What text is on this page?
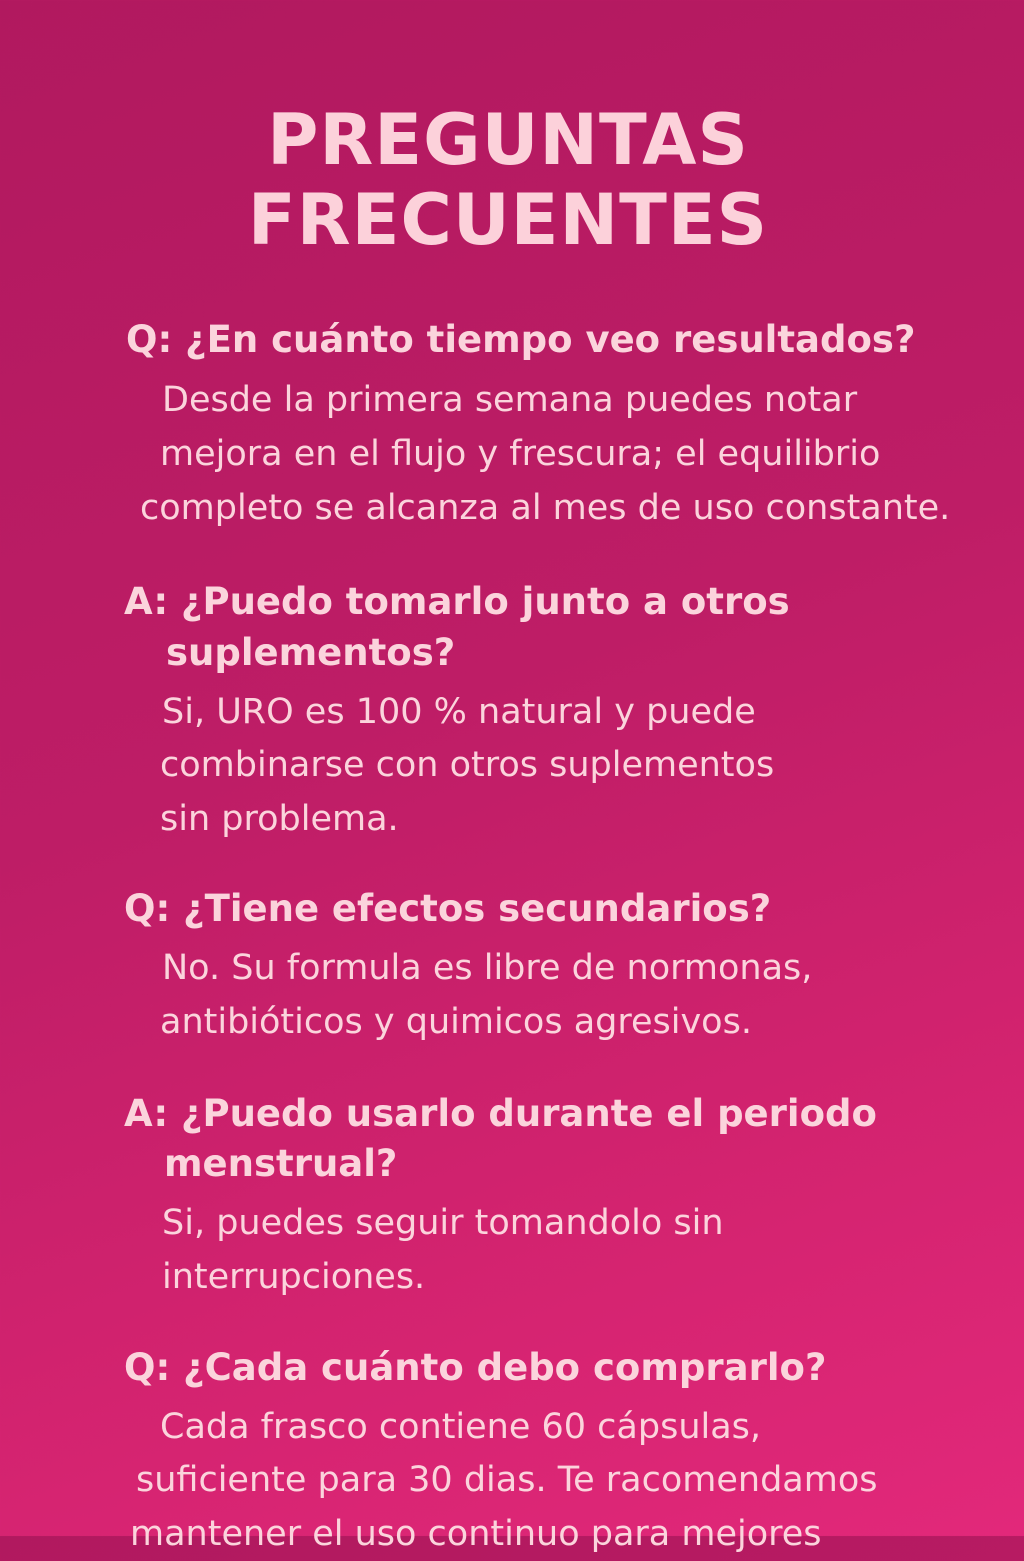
PREGUNTAS
FRECUENTES
Q: ¿En cuánto tiempo veo resultados?
Desde la primera semana puedes notar
mejora en el flujo y frescura; el equilibrio
completo se alcanza al mes de uso constante.
A: ¿Puedo tomarlo junto a otros
suplementos?
Si, URO es 100 % natural y puede
combinarse con otros suplementos
sin problema.
Q: ¿Tiene efectos secundarios?
No. Su formula es libre de normonas,
antibióticos y quimicos agresivos.
A: ¿Puedo usarlo durante el periodo
menstrual?
Si, puedes seguir tomandolo sin
interrupciones.
Q: ¿Cada cuánto debo comprarlo?
Cada frasco contiene 60 cápsulas,
suficiente para 30 dias. Te racomendamos
mantener el uso continuo para mejores
